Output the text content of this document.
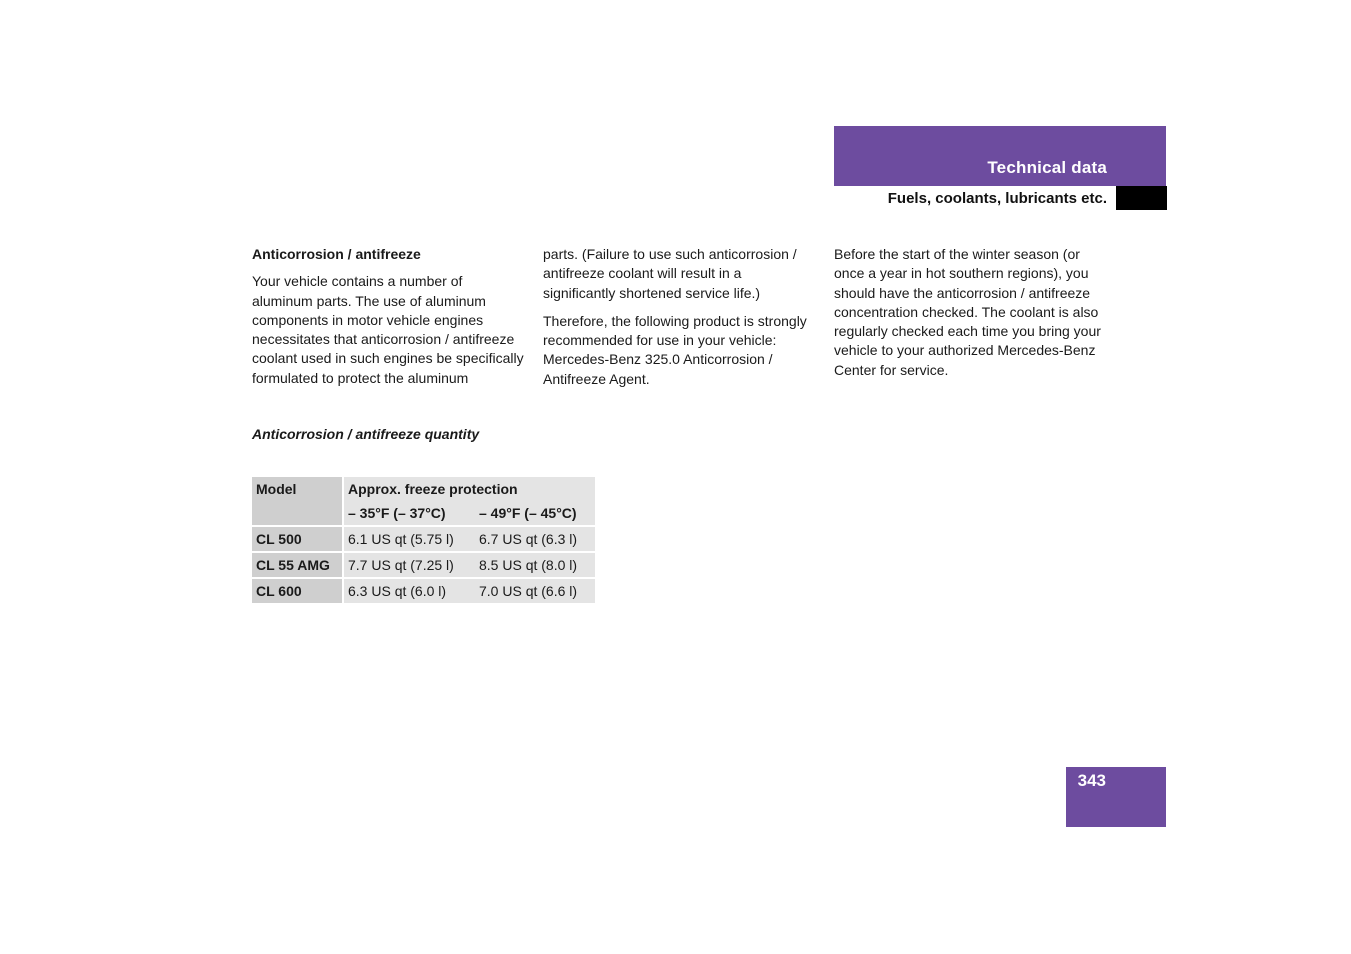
Technical data
Fuels, coolants, lubricants etc.

Anticorrosion / antifreeze

Your vehicle contains a number of aluminum parts. The use of aluminum components in motor vehicle engines necessitates that anticorrosion / antifreeze coolant used in such engines be specifically formulated to protect the aluminum

parts. (Failure to use such anticorrosion / antifreeze coolant will result in a significantly shortened service life.)

Therefore, the following product is strongly recommended for use in your vehicle: Mercedes-Benz 325.0 Anticorrosion / Antifreeze Agent.

Before the start of the winter season (or once a year in hot southern regions), you should have the anticorrosion / antifreeze concentration checked. The coolant is also regularly checked each time you bring your vehicle to your authorized Mercedes-Benz Center for service.

Anticorrosion / antifreeze quantity
Model	Approx. freeze protection	
	– 35°F (– 37°C)	– 49°F (– 45°C)
CL 500	6.1 US qt (5.75 l)	6.7 US qt (6.3 l)
CL 55 AMG	7.7 US qt (7.25 l)	8.5 US qt (8.0 l)
CL 600	6.3 US qt (6.0 l)	7.0 US qt (6.6 l)
343
